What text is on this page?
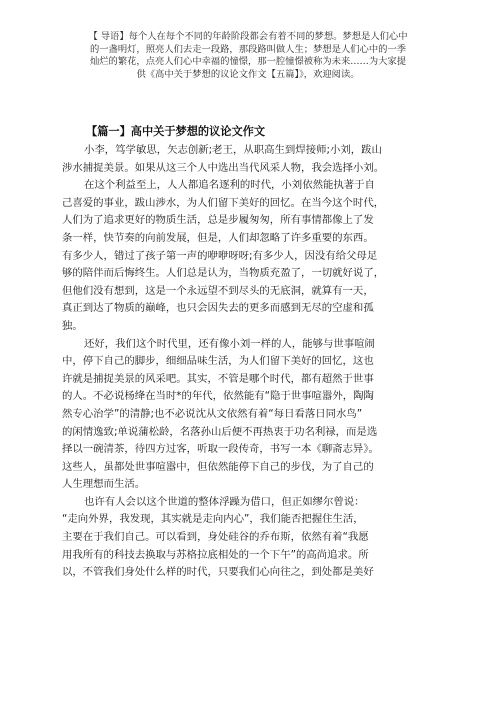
【 导语】每个人在每个不同的年龄阶段都会有着不同的梦想。梦想是人们心中

的一盏明灯，照亮人们去走一段路，那段路叫做人生；梦想是人们心中的一季

灿烂的繁花，点亮人们心中幸福的憧憬，那一腔憧憬被称为未来……为大家提

供《高中关于梦想的议论文作文【五篇】》，欢迎阅读。

【篇一】高中关于梦想的议论文作文
小李，笃学敏思，矢志创新;老王，从职高生到焊接师;小刘，跋山
涉水捕捉美景。如果从这三个人中选出当代风采人物，我会选择小刘。
在这个利益至上，人人都追名逐利的时代，小刘依然能执著于自
己喜爱的事业，跋山涉水，为人们留下美好的回忆。在当今这个时代，
人们为了追求更好的物质生活，总是步履匆匆，所有事情都像上了发
条一样，快节奏的向前发展，但是，人们却忽略了许多重要的东西。
有多少人，错过了孩子第一声的咿咿呀呀;有多少人，因没有给父母足
够的陪伴而后悔终生。人们总是认为，当物质充盈了，一切就好说了，
但他们没有想到，这是一个永远望不到尽头的无底洞，就算有一天，
真正到达了物质的巅峰，也只会因失去的更多而感到无尽的空虚和孤
独。
还好，我们这个时代里，还有像小刘一样的人，能够与世事喧闹
中，停下自己的脚步，细细品味生活，为人们留下美好的回忆，这也
许就是捕捉美景的风采吧。其实，不管是哪个时代，都有超然于世事
的人。不必说杨绛在当时*的年代，依然能有“隐于世事喧嚣外，陶陶
然专心治学”的清静;也不必说沈从文依然有着“每日看落日同水鸟”
的闲情逸致;单说蒲松龄，名落孙山后便不再热衷于功名利禄，而是选
择以一碗清茶，待四方过客，听取一段传奇，书写一本《聊斋志异》。
这些人，虽都处世事喧嚣中，但依然能停下自己的步伐，为了自己的
人生理想而生活。
也许有人会以这个世道的整体浮躁为借口，但正如缪尔曾说：
“走向外界，我发现，其实就是走向内心”，我们能否把握住生活，
主要在于我们自己。可以看到，身处硅谷的乔布斯，依然有着“我愿
用我所有的科技去换取与苏格拉底相处的一个下午”的高尚追求。所
以，不管我们身处什么样的时代，只要我们心向往之，到处都是美好
